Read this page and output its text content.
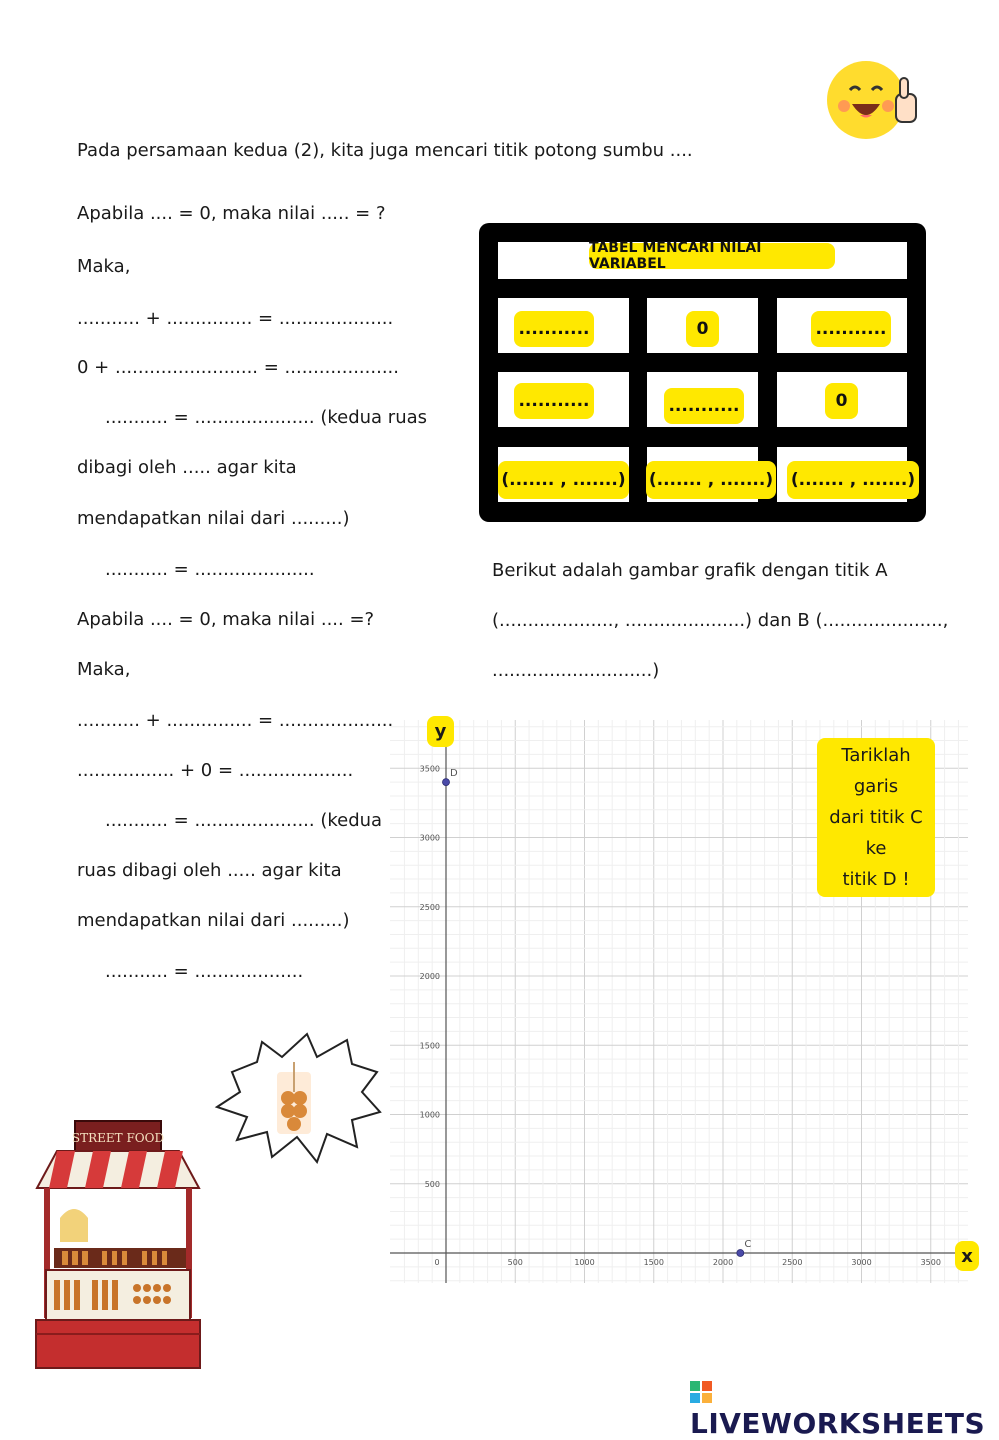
Pada persamaan kedua (2), kita juga mencari titik potong sumbu ....
Apabila .... = 0, maka nilai ..... = ?
Maka,
........... + ............... = ....................
0 + ......................... = ....................
........... = ..................... (kedua ruas
dibagi oleh ..... agar kita
mendapatkan nilai dari .........)
........... = .....................
Apabila .... = 0, maka nilai .... =?
Maka,
........... + ............... = ....................
................. + 0 = ....................
........... = ..................... (kedua
ruas dibagi oleh ..... agar kita
mendapatkan nilai dari .........)
........... = ...................
TABEL MENCARI NILAI VARIABEL
...........	0	...........
...........	...........	0
(....... , .......) (....... , .......) (....... , .......)
Berikut adalah gambar grafik dengan titik A
(...................., .....................) dan B (.....................,
............................)
0	500	1000	1500	2000	2500	3000	3500
500
1000
1500
2000
2500
3000
3500 D
C
y
x
Tariklah garis
dari titik C ke
titik D !
STREET FOOD
LIVEWORKSHEETS
